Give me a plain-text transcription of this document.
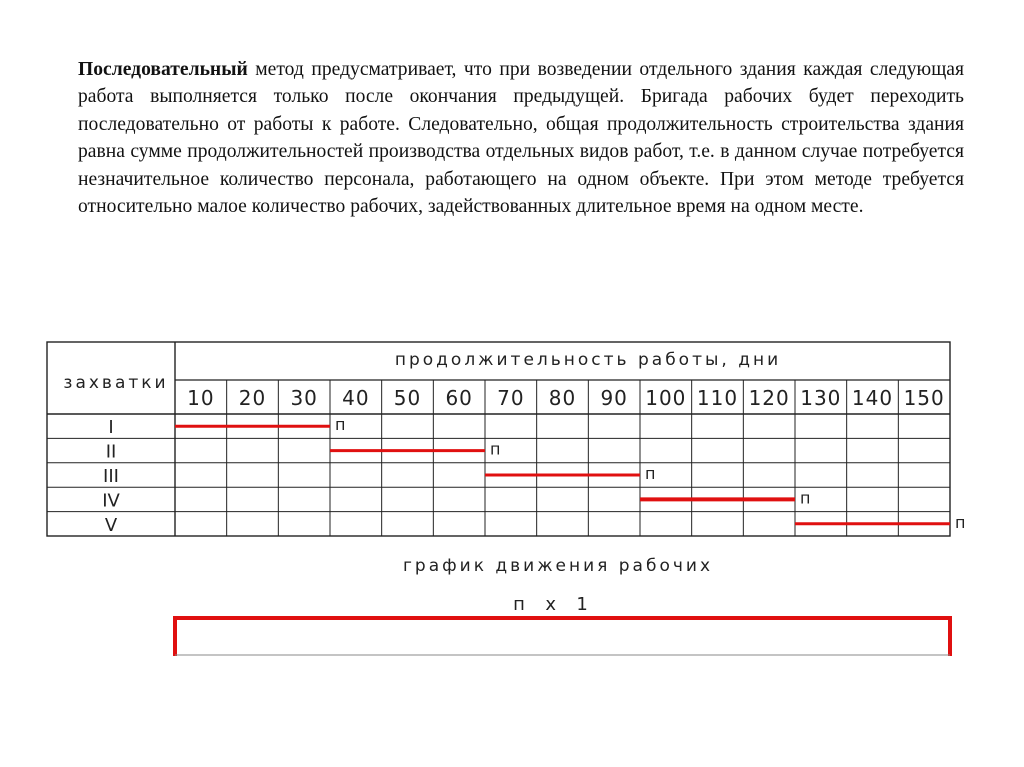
Последовательный метод предусматривает, что при возведении отдельного здания каждая следующая работа выполняется только после окончания предыдущей. Бригада рабочих будет переходить последовательно от работы к работе. Следовательно, общая продолжительность строительства здания равна сумме продолжительностей производства отдельных видов работ, т.е. в данном случае потребуется незначительное количество персонала, работающего на одном объекте. При этом методе требуется относительно малое количество рабочих, задействованных длительное время на одном месте.

захватки
продолжительность работы, дни
10 20 30 40 50 60 70 80 90 100 110 120 130 140 150
I
II
III
IV
V
п
п
п
п
п
график движения рабочих
п  х  1
